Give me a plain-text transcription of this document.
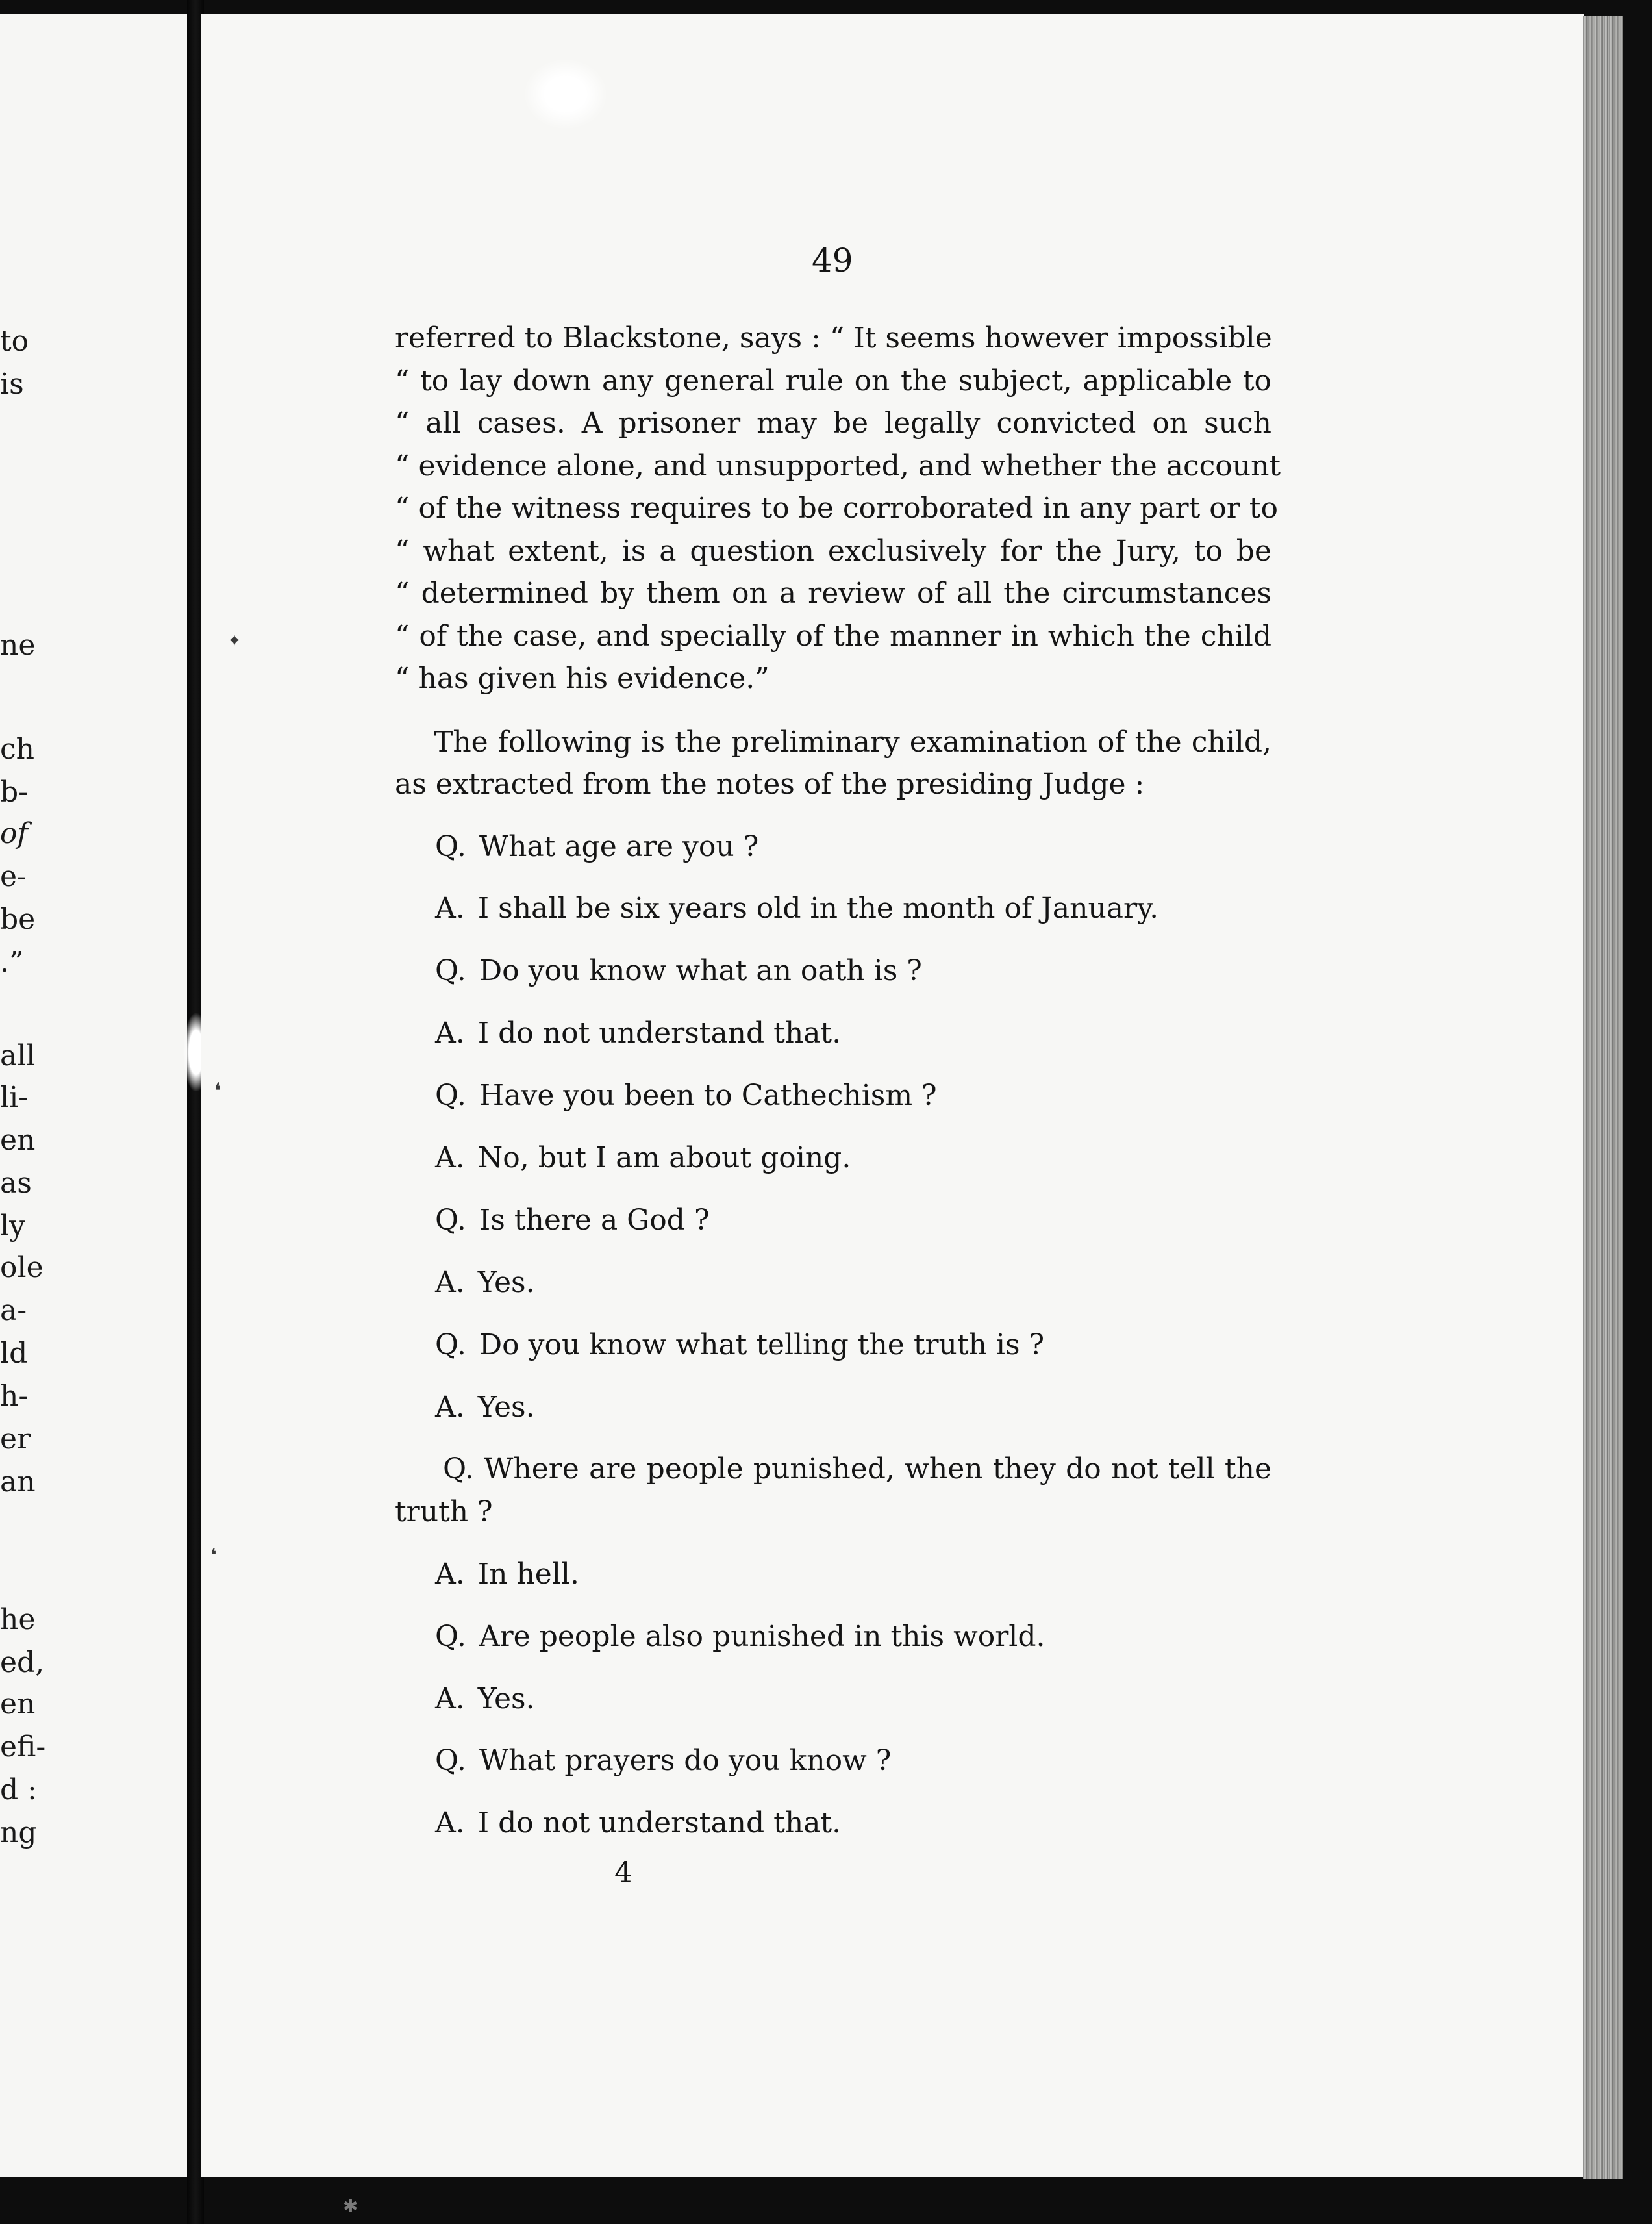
to
is
ne
ch
b-
of
e-
be
.”
all
li-
en
as
ly
ole
a-
ld
h-
er
an
he
ed,
en
efi-
d :
ng
49
referred to Blackstone, says : “ It seems however impossible
“ to lay down any general rule on the subject, applicable to
“ all cases. A prisoner may be legally convicted on such
“ evidence alone, and unsupported, and whether the account
“ of the witness requires to be corroborated in any part or to
“ what extent, is a question exclusively for the Jury, to be
“ determined by them on a review of all the circumstances
“ of the case, and specially of the manner in which the child
“ has given his evidence.”
The following is the preliminary examination of the child,
as extracted from the notes of the presiding Judge :
Q. What age are you ?
A. I shall be six years old in the month of January.
Q. Do you know what an oath is ?
A. I do not understand that.
Q. Have you been to Cathechism ?
A. No, but I am about going.
Q. Is there a God ?
A. Yes.
Q. Do you know what telling the truth is ?
A. Yes.
Q. Where are people punished, when they do not tell the
truth ?
A. In hell.
Q. Are people also punished in this world.
A. Yes.
Q. What prayers do you know ?
A. I do not understand that.
4
✦
❛
❛
✱
